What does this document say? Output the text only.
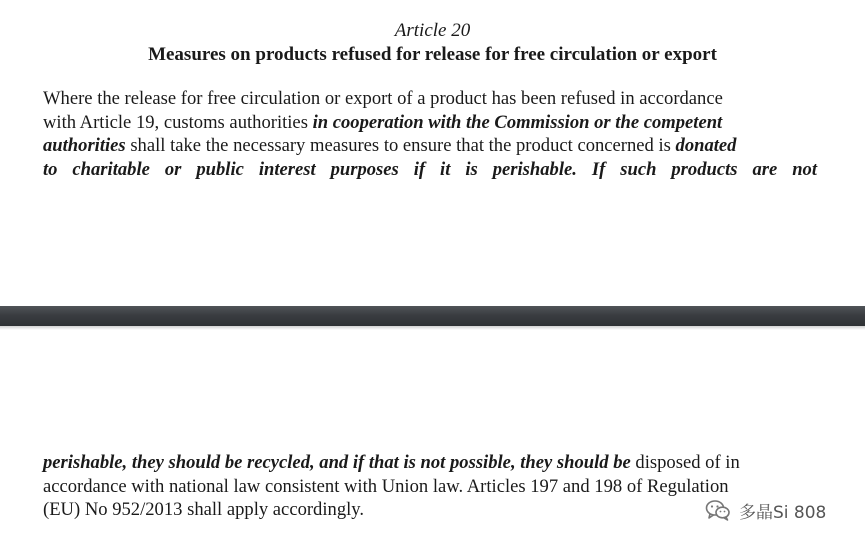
Article 20
Measures on products refused for release for free circulation or export
Where the release for free circulation or export of a product has been refused in accordance
with Article 19, customs authorities in cooperation with the Commission or the competent
authorities shall take the necessary measures to ensure that the product concerned is donated
to charitable or public interest purposes if it is perishable. If such products are not
perishable, they should be recycled, and if that is not possible, they should be disposed of in
accordance with national law consistent with Union law. Articles 197 and 198 of Regulation
(EU) No 952/2013 shall apply accordingly.	多晶Si 808
